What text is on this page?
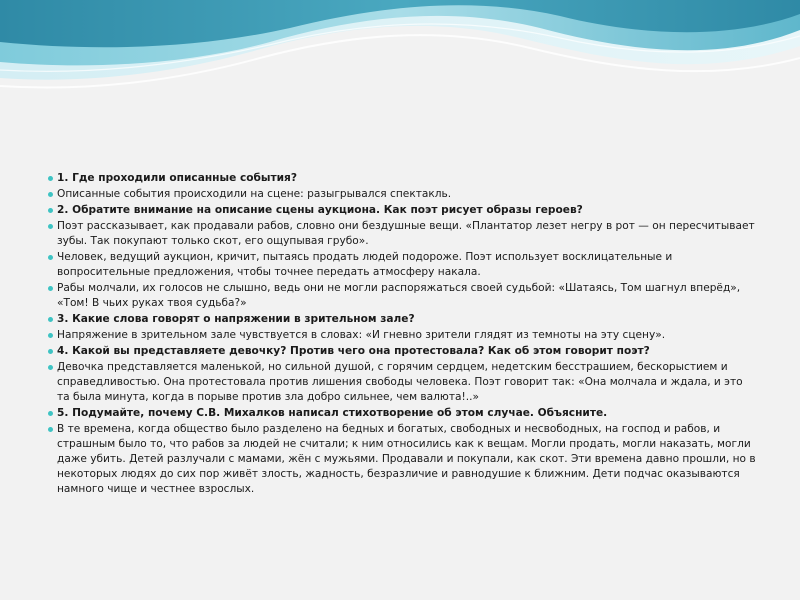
1. Где проходили описанные события?
Описанные события происходили на сцене: разыгрывался спектакль.
2. Обратите внимание на описание сцены аукциона. Как поэт рисует образы героев?
Поэт рассказывает, как продавали рабов, словно они бездушные вещи. «Плантатор лезет негру в рот — он пересчитывает зубы. Так покупают только скот, его ощупывая грубо».
Человек, ведущий аукцион, кричит, пытаясь продать людей подороже. Поэт использует восклицательные и вопросительные предложения, чтобы точнее передать атмосферу накала.
Рабы молчали, их голосов не слышно, ведь они не могли распоряжаться своей судьбой: «Шатаясь, Том шагнул вперёд», «Том! В чьих руках твоя судьба?»
3. Какие слова говорят о напряжении в зрительном зале?
Напряжение в зрительном зале чувствуется в словах: «И гневно зрители глядят из темноты на эту сцену».
4. Какой вы представляете девочку? Против чего она протестовала? Как об этом говорит поэт?
Девочка представляется маленькой, но сильной душой, с горячим сердцем, недетским бесстрашием, бескорыстием и справедливостью. Она протестовала против лишения свободы человека. Поэт говорит так: «Она молчала и ждала, и это та была минута, когда в порыве против зла добро сильнее, чем валюта!..»
5. Подумайте, почему С.В. Михалков написал стихотворение об этом случае. Объясните.
В те времена, когда общество было разделено на бедных и богатых, свободных и несвободных, на господ и рабов, и страшным было то, что рабов за людей не считали; к ним относились как к вещам. Могли продать, могли наказать, могли даже убить. Детей разлучали с мамами, жён с мужьями. Продавали и покупали, как скот. Эти времена давно прошли, но в некоторых людях до сих пор живёт злость, жадность, безразличие и равнодушие к ближним. Дети подчас оказываются намного чище и честнее взрослых.
